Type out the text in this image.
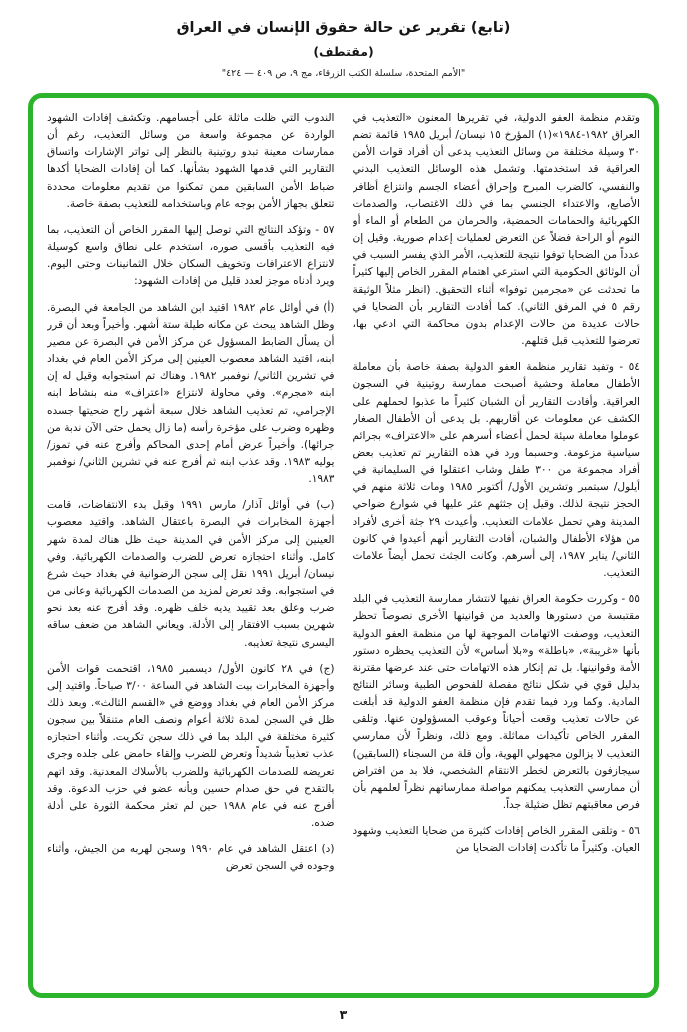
(تابع) تقرير عن حالة حقوق الإنسان في العراق
(مقتطف)
"الأمم المتحدة، سلسلة الكتب الزرقاء، مج ٩، ص ٤٠٩ — ٤٢٤"

وتقدم منظمة العفو الدولية، في تقريرها المعنون «التعذيب في العراق ١٩٨٢-١٩٨٤»(١) المؤرخ ١٥ نيسان/ أبريل ١٩٨٥ قائمة تضم ٣٠ وسيلة مختلفة من وسائل التعذيب يدعى أن أفراد قوات الأمن العراقية قد استخدمتها. وتشمل هذه الوسائل التعذيب البدني والنفسي، كالضرب المبرح وإحراق أعضاء الجسم وانتزاع أظافر الأصابع، والاعتداء الجنسي بما في ذلك الاغتصاب، والصدمات الكهربائية والحمامات الحمضية، والحرمان من الطعام أو الماء أو النوم أو الراحة فضلاً عن التعرض لعمليات إعدام صورية. وقيل إن عدداً من الضحايا توفوا نتيجة للتعذيب، الأمر الذي يفسر السبب في أن الوثائق الحكومية التي استرعي اهتمام المقرر الخاص إليها كثيراً ما تحدثت عن «مجرمين توفوا» أثناء التحقيق. (انظر مثلاً الوثيقة رقم ٥ في المرفق الثاني). كما أفادت التقارير بأن الضحايا في حالات عديدة من حالات الإعدام بدون محاكمة التي ادعي بها، تعرضوا للتعذيب قبل قتلهم.

٥٤ - وتفيد تقارير منظمة العفو الدولية بصفة خاصة بأن معاملة الأطفال معاملة وحشية أصبحت ممارسة روتينية في السجون العراقية. وأفادت التقارير أن الشبان كثيراً ما عذبوا لحملهم على الكشف عن معلومات عن أقاربهم. بل يدعى أن الأطفال الصغار عوملوا معاملة سيئة لحمل أعضاء أسرهم على «الاعتراف» بجرائم سياسية مزعومة. وحسبما ورد في هذه التقارير تم تعذيب بعض أفراد مجموعة من ٣٠٠ طفل وشاب اعتقلوا في السليمانية في أيلول/ سبتمبر وتشرين الأول/ أكتوبر ١٩٨٥ ومات ثلاثة منهم في الحجز نتيجة لذلك. وقيل إن جثثهم عثر عليها في شوارع ضواحي المدينة وهي تحمل علامات التعذيب. وأعيدت ٢٩ جثة أخرى لأفراد من هؤلاء الأطفال والشبان، أفادت التقارير أنهم أعيدوا في كانون الثاني/ يناير ١٩٨٧، إلى أسرهم. وكانت الجثث تحمل أيضاً علامات التعذيب.

٥٥ - وكررت حكومة العراق نفيها لانتشار ممارسة التعذيب في البلد مقتبسة من دستورها والعديد من قوانينها الأخرى نصوصاً تحظر التعذيب، ووصفت الاتهامات الموجهة لها من منظمة العفو الدولية بأنها «غريبة»، «باطلة» و«بلا أساس» لأن التعذيب يحظره دستور الأمة وقوانينها. بل تم إنكار هذه الاتهامات حتى عند عرضها مقترنة بدليل قوي في شكل نتائج مفصلة للفحوص الطبية وسائر النتائج المادية. وكما ورد فيما تقدم فإن منظمة العفو الدولية قد أبلغت عن حالات تعذيب وقعت أحياناً وعوقب المسؤولون عنها. وتلقى المقرر الخاص تأكيدات مماثلة. ومع ذلك، ونظراً لأن ممارسي التعذيب لا يزالون مجهولي الهوية، وأن قلة من السجناء (السابقين) سيجازفون بالتعرض لخطر الانتقام الشخصي، فلا بد من افتراض أن ممارسي التعذيب يمكنهم مواصلة ممارساتهم نظراً لعلمهم بأن فرص معاقبتهم تظل ضئيلة جداً.

٥٦ - وتلقى المقرر الخاص إفادات كثيرة من ضحايا التعذيب وشهود العيان. وكثيراً ما تأكدت إفادات الضحايا من

الندوب التي ظلت ماثلة على أجسامهم. وتكشف إفادات الشهود الواردة عن مجموعة واسعة من وسائل التعذيب، رغم أن ممارسات معينة تبدو روتينية بالنظر إلى تواتر الإشارات واتساق التقارير التي قدمها الشهود بشأنها. كما أن إفادات الضحايا أكدها ضباط الأمن السابقين ممن تمكنوا من تقديم معلومات محددة تتعلق بجهاز الأمن بوجه عام وباستخدامه للتعذيب بصفة خاصة.

٥٧ - وتؤكد النتائج التي توصل إليها المقرر الخاص أن التعذيب، بما فيه التعذيب بأقسى صوره، استخدم على نطاق واسع كوسيلة لانتزاع الاعترافات وتخويف السكان خلال الثمانينات وحتى اليوم. ويرد أدناه موجز لعدد قليل من إفادات الشهود:

(أ) في أوائل عام ١٩٨٢ اقتيد ابن الشاهد من الجامعة في البصرة. وظل الشاهد يبحث عن مكانه طيلة ستة أشهر. وأخيراً وبعد أن قرر أن يسأل الضابط المسؤول عن مركز الأمن في البصرة عن مصير ابنه، اقتيد الشاهد معصوب العينين إلى مركز الأمن العام في بغداد في تشرين الثاني/ نوفمبر ١٩٨٢. وهناك تم استجوابه وقيل له إن ابنه «مجرم». وفي محاولة لانتزاع «اعتراف» منه بنشاط ابنه الإجرامي، تم تعذيب الشاهد خلال سبعة أشهر راح ضحيتها جسده وظهره وضرب على مؤخرة رأسه (ما زال يحمل حتى الآن ندبة من جرائها). وأخيراً عرض أمام إحدى المحاكم وأفرج عنه في تموز/ يوليه ١٩٨٣. وقد عذب ابنه ثم أفرج عنه في تشرين الثاني/ نوفمبر ١٩٨٣.

(ب) في أوائل آذار/ مارس ١٩٩١ وقبل بدء الانتفاضات، قامت أجهزة المخابرات في البصرة باعتقال الشاهد. واقتيد معصوب العينين إلى مركز الأمن في المدينة حيث ظل هناك لمدة شهر كامل. وأثناء احتجازه تعرض للضرب والصدمات الكهربائية. وفي نيسان/ أبريل ١٩٩١ نقل إلى سجن الرضوانية في بغداد حيث شرع في استجوابه. وقد تعرض لمزيد من الصدمات الكهربائية وعانى من ضرب وعلق بعد تقييد يديه خلف ظهره. وقد أفرج عنه بعد نحو شهرين بسبب الافتقار إلى الأدلة. ويعاني الشاهد من ضعف ساقه اليسرى نتيجة تعذيبه.

(ج) في ٢٨ كانون الأول/ ديسمبر ١٩٨٥، اقتحمت قوات الأمن وأجهزة المخابرات بيت الشاهد في الساعة ٣/٠٠ صباحاً. واقتيد إلى مركز الأمن العام في بغداد ووضع في «القسم الثالث». وبعد ذلك ظل في السجن لمدة ثلاثة أعوام ونصف العام متنقلاً بين سجون كثيرة مختلفة في البلد بما في ذلك سجن تكريت. وأثناء احتجازه عذب تعذيباً شديداً وتعرض للضرب وإلقاء حامض على جلده وجرى تعريضه للصدمات الكهربائية وللضرب بالأسلاك المعدنية. وقد اتهم بالتقدح في حق صدام حسين وبأنه عضو في حزب الدعوة. وقد أفرج عنه في عام ١٩٨٨ حين لم تعثر محكمة الثورة على أدلة ضده.

(د) اعتقل الشاهد في عام ١٩٩٠ وسجن لهربه من الجيش، وأثناء وجوده في السجن تعرض

٣
